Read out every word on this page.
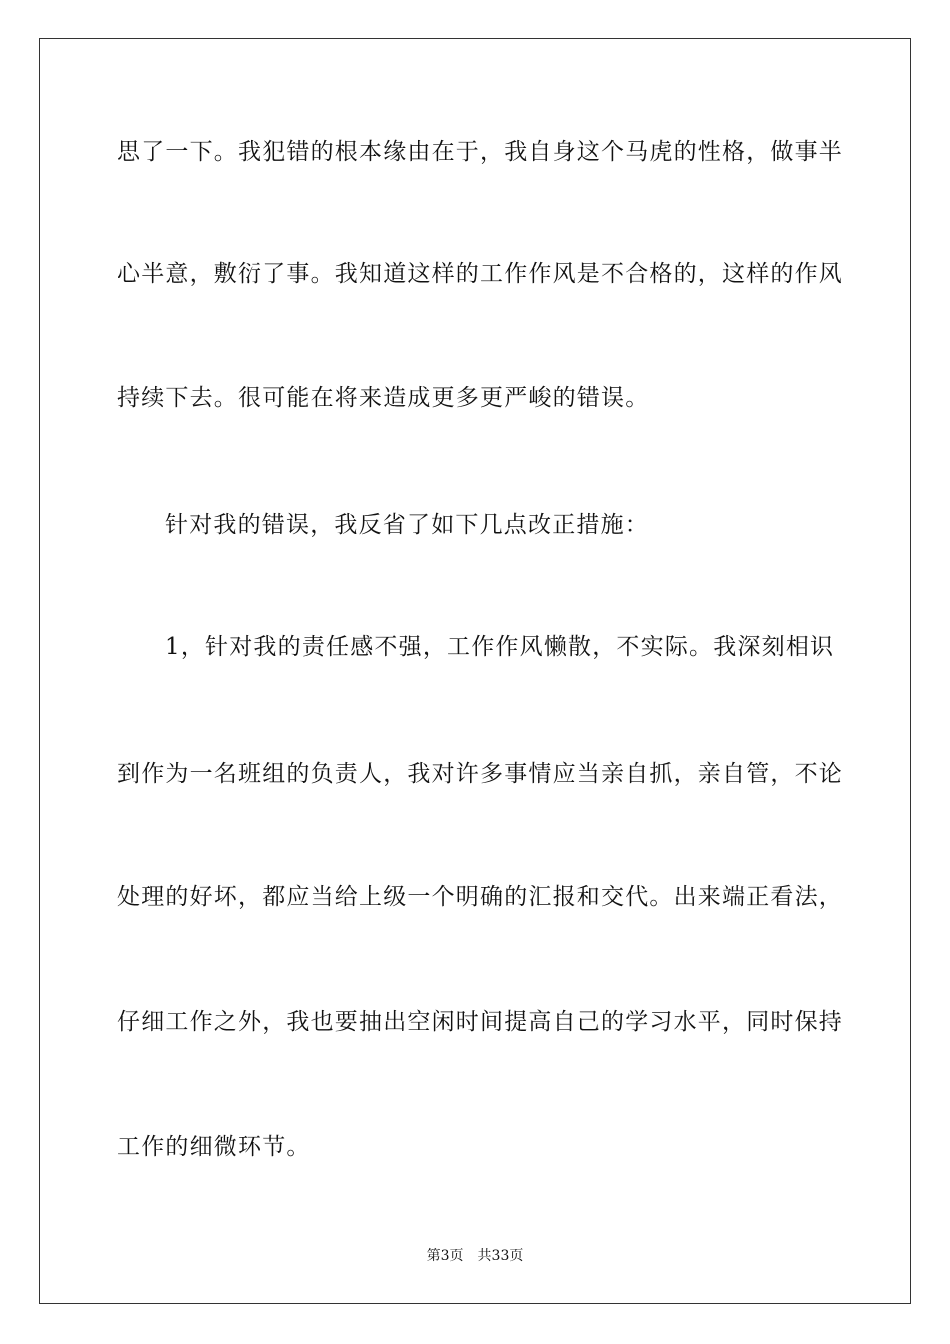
思了一下。我犯错的根本缘由在于，我自身这个马虎的性格，做事半
心半意，敷衍了事。我知道这样的工作作风是不合格的，这样的作风
持续下去。很可能在将来造成更多更严峻的错误。
针对我的错误，我反省了如下几点改正措施：
1，针对我的责任感不强，工作作风懒散，不实际。我深刻相识
到作为一名班组的负责人，我对许多事情应当亲自抓，亲自管，不论
处理的好坏，都应当给上级一个明确的汇报和交代。出来端正看法，
仔细工作之外，我也要抽出空闲时间提高自己的学习水平，同时保持
工作的细微环节。
第3页 共33页
